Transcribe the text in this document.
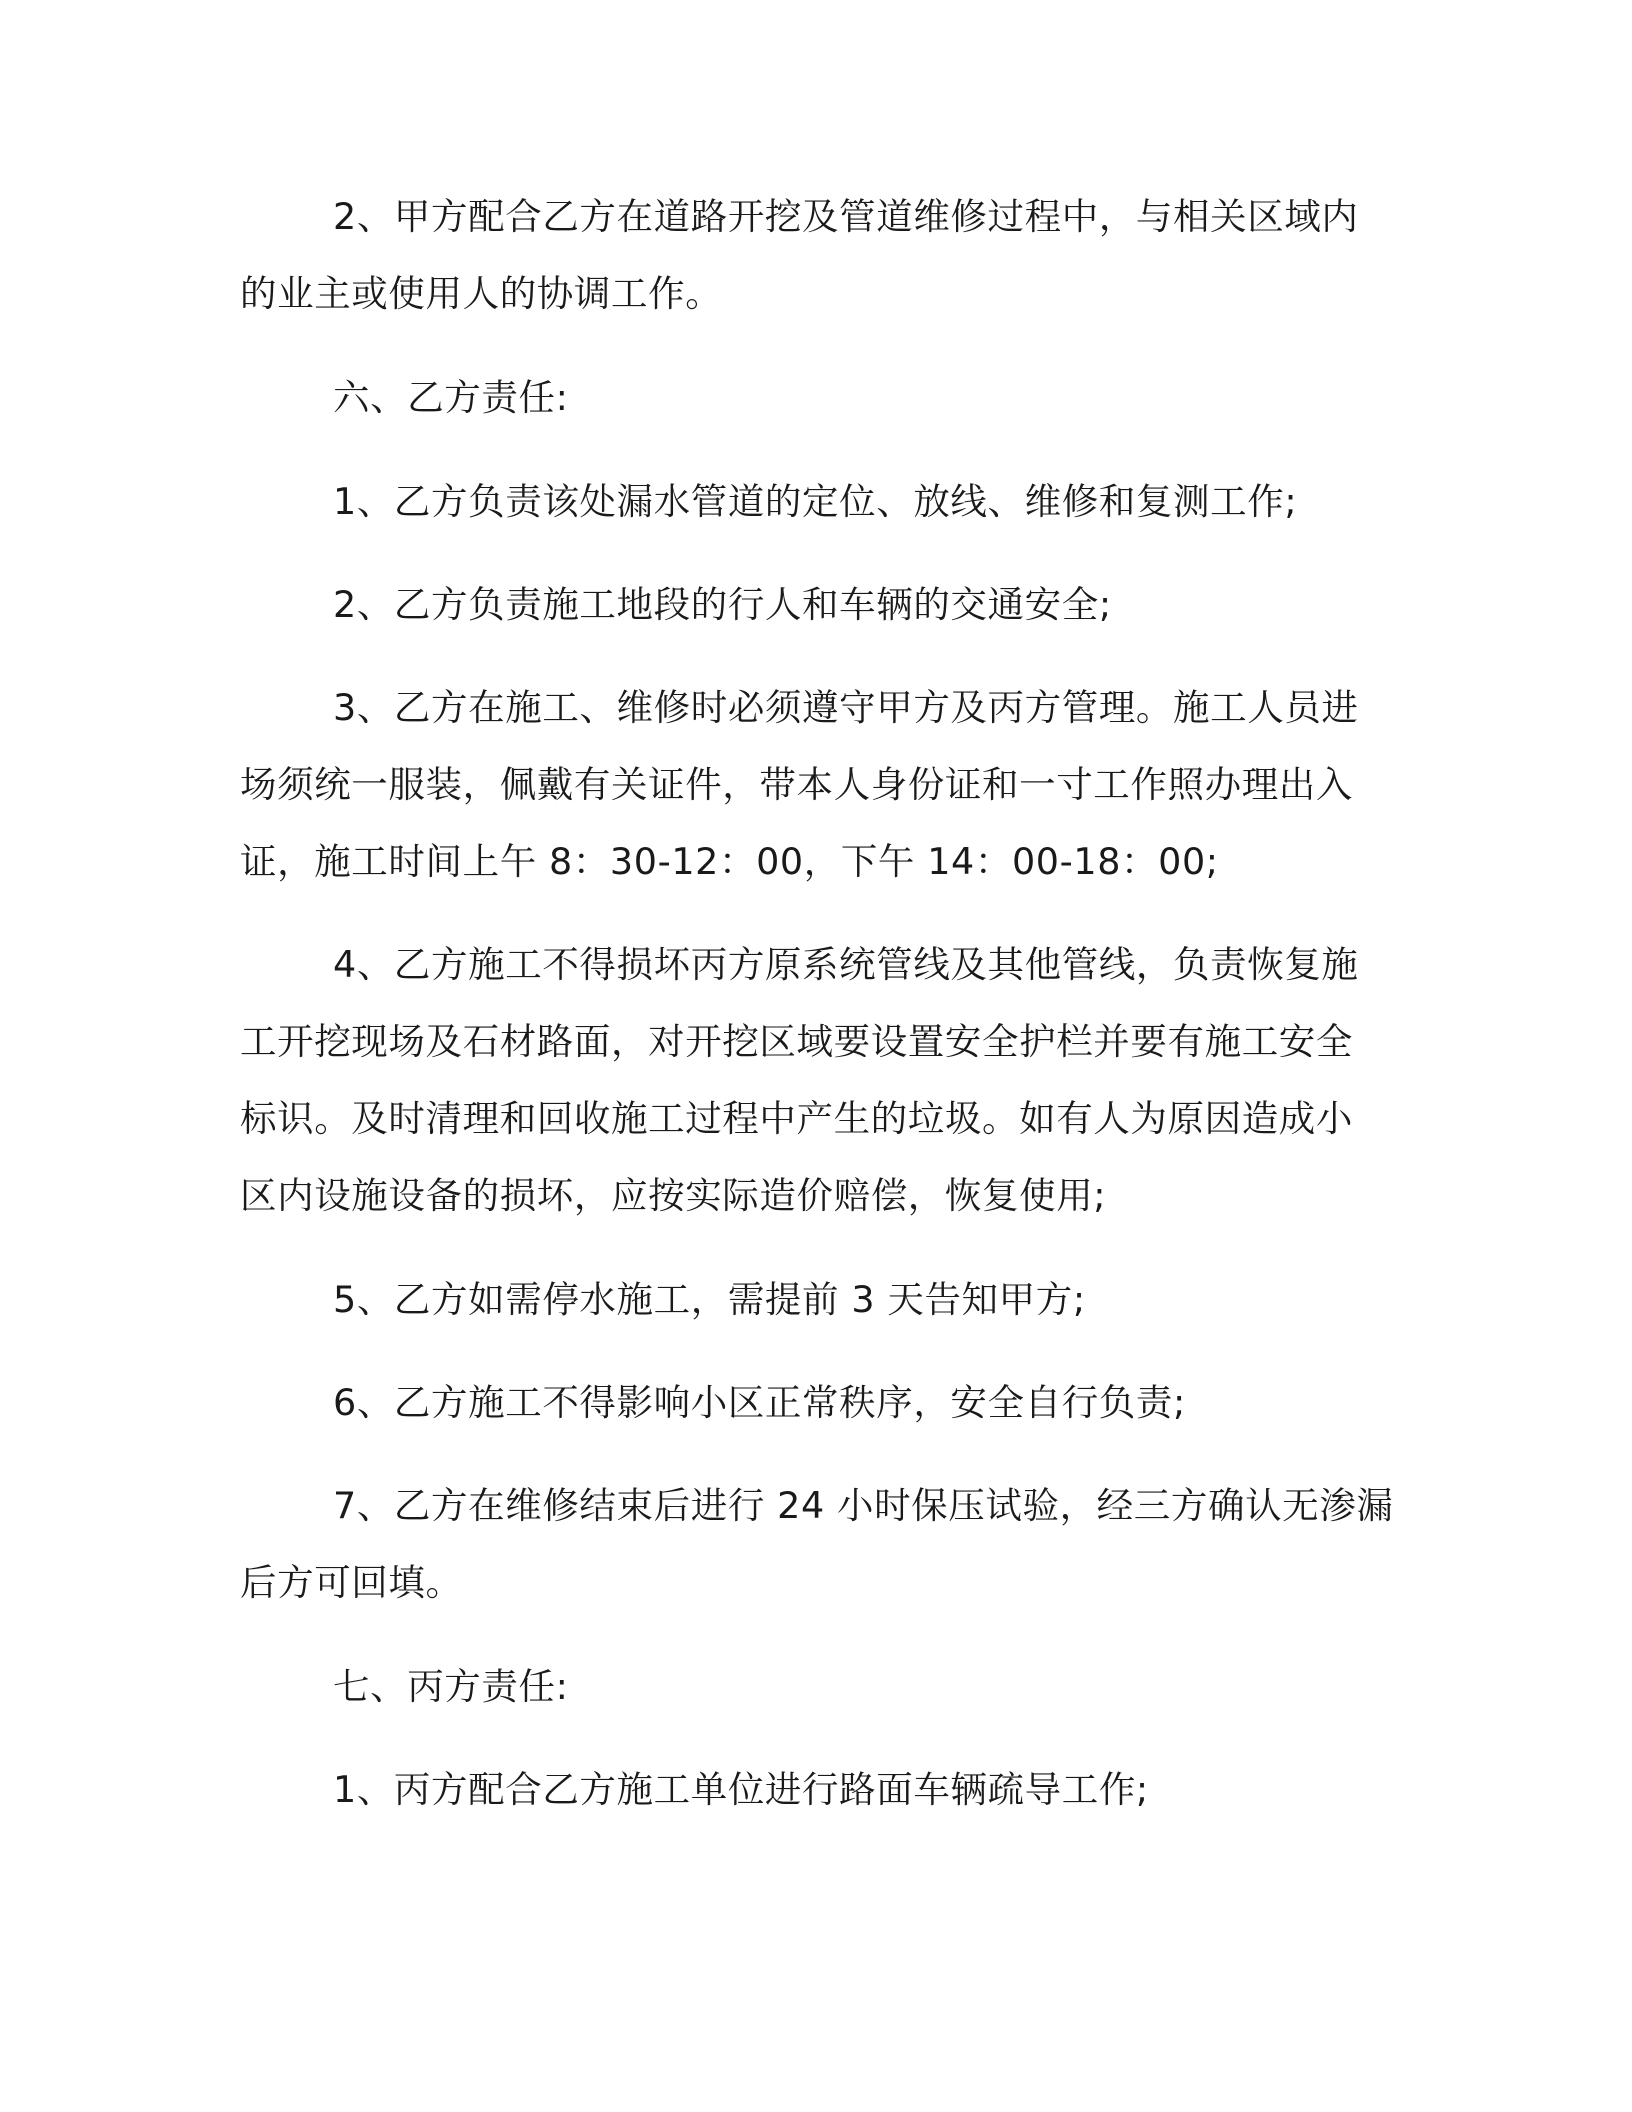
2、甲方配合乙方在道路开挖及管道维修过程中，与相关区域内

的业主或使用人的协调工作。

六、乙方责任:

1、乙方负责该处漏水管道的定位、放线、维修和复测工作;

2、乙方负责施工地段的行人和车辆的交通安全;

3、乙方在施工、维修时必须遵守甲方及丙方管理。施工人员进

场须统一服装，佩戴有关证件，带本人身份证和一寸工作照办理出入

证，施工时间上午 8：30-12：00，下午 14：00-18：00;

4、乙方施工不得损坏丙方原系统管线及其他管线，负责恢复施

工开挖现场及石材路面，对开挖区域要设置安全护栏并要有施工安全

标识。及时清理和回收施工过程中产生的垃圾。如有人为原因造成小

区内设施设备的损坏，应按实际造价赔偿，恢复使用;

5、乙方如需停水施工，需提前 3 天告知甲方;

6、乙方施工不得影响小区正常秩序，安全自行负责;

7、乙方在维修结束后进行 24 小时保压试验，经三方确认无渗漏

后方可回填。

七、丙方责任:

1、丙方配合乙方施工单位进行路面车辆疏导工作;
